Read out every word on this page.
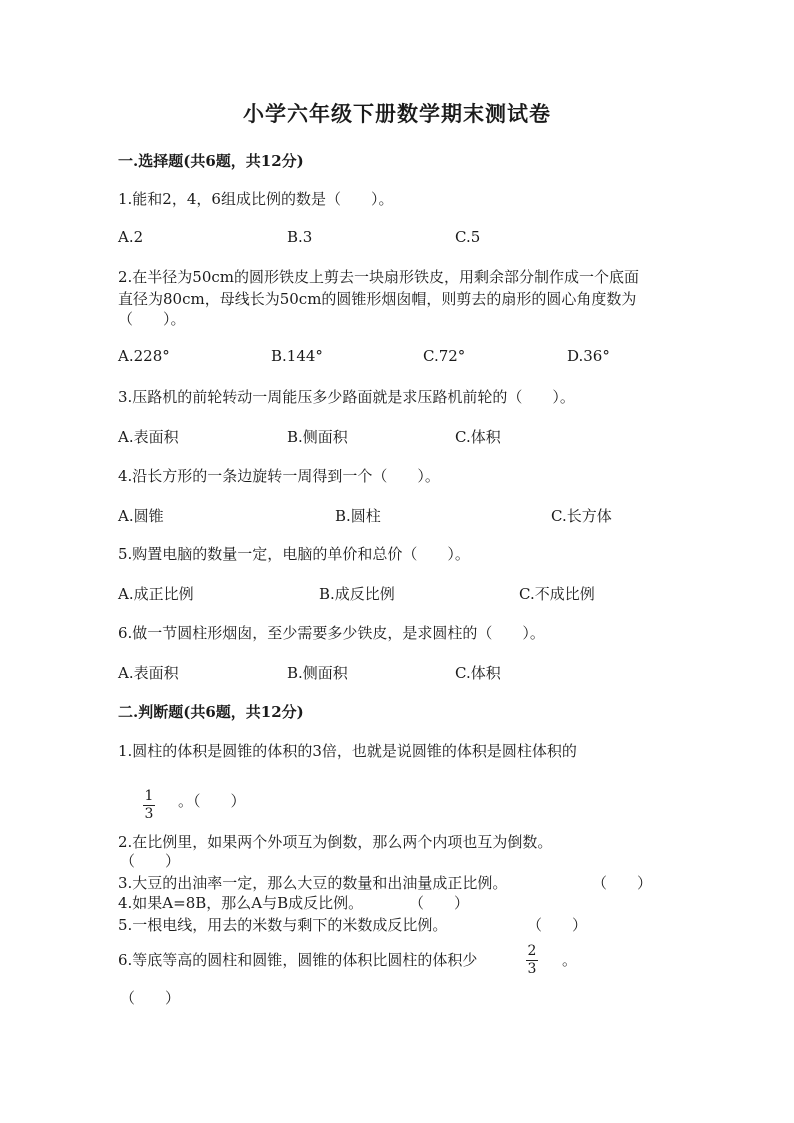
小学六年级下册数学期末测试卷
一.选择题(共6题，共12分)
1.能和2，4，6组成比例的数是（　　）。
A.2	B.3	C.5
2.在半径为50cm的圆形铁皮上剪去一块扇形铁皮，用剩余部分制作成一个底面
直径为80cm，母线长为50cm的圆锥形烟囱帽，则剪去的扇形的圆心角度数为
（　　）。
A.228°	B.144°	C.72°	D.36°
3.压路机的前轮转动一周能压多少路面就是求压路机前轮的（　　）。
A.表面积	B.侧面积	C.体积
4.沿长方形的一条边旋转一周得到一个（　　）。
A.圆锥	B.圆柱	C.长方体
5.购置电脑的数量一定，电脑的单价和总价（　　）。
A.成正比例	B.成反比例	C.不成比例
6.做一节圆柱形烟囱，至少需要多少铁皮，是求圆柱的（　　）。
A.表面积	B.侧面积	C.体积
二.判断题(共6题，共12分)
1.圆柱的体积是圆锥的体积的3倍，也就是说圆锥的体积是圆柱体积的
$\frac{1}{3}$ 。（　　）
2.在比例里，如果两个外项互为倒数，那么两个内项也互为倒数。
（　　）
3.大豆的出油率一定，那么大豆的数量和出油量成正比例。	（　　）
4.如果A=8B，那么A与B成反比例。	（　　）
5.一根电线，用去的米数与剩下的米数成反比例。	（　　）
6.等底等高的圆柱和圆锥，圆锥的体积比圆柱的体积少	$\frac{2}{3}$ 。
（　　）
